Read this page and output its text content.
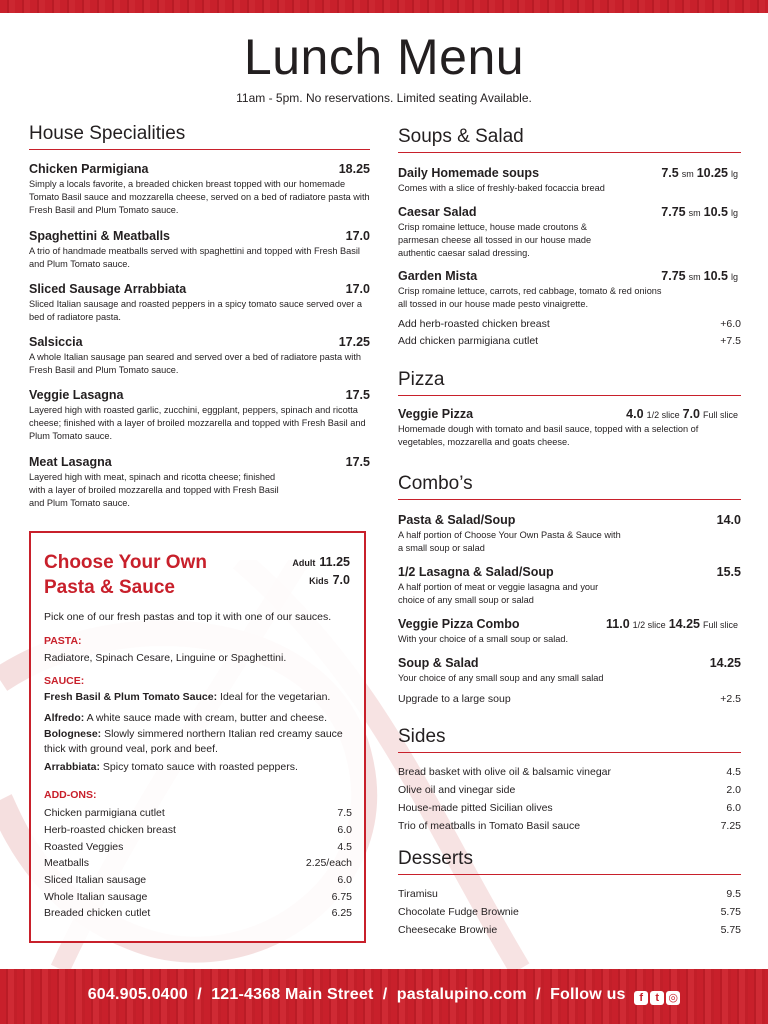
Lunch Menu
11am - 5pm. No reservations. Limited seating Available.
House Specialities
Chicken Parmigiana	18.25
Simply a locals favorite, a breaded chicken breast topped with our homemade Tomato Basil sauce and mozzarella cheese, served on a bed of radiatore pasta with Fresh Basil and Plum Tomato sauce.
Spaghettini & Meatballs	17.0
A trio of handmade meatballs served with spaghettini and topped with Fresh Basil and Plum Tomato sauce.
Sliced Sausage Arrabbiata	17.0
Sliced Italian sausage and roasted peppers in a spicy tomato sauce served over a bed of radiatore pasta.
Salsiccia	17.25
A whole Italian sausage pan seared and served over a bed of radiatore pasta with Fresh Basil and Plum Tomato sauce.
Veggie Lasagna	17.5
Layered high with roasted garlic, zucchini, eggplant, peppers, spinach and ricotta cheese; finished with a layer of broiled mozzarella and topped with Fresh Basil and Plum Tomato sauce.
Meat Lasagna	17.5
Layered high with meat, spinach and ricotta cheese; finished with a layer of broiled mozzarella and topped with Fresh Basil and Plum Tomato sauce.
Choose Your Own
Pasta & Sauce
Adult 11.25
Kids 7.0
Pick one of our fresh pastas and top it with one of our sauces.
PASTA:
Radiatore, Spinach Cesare, Linguine or Spaghettini.
SAUCE:
Fresh Basil & Plum Tomato Sauce: Ideal for the vegetarian.
Alfredo: A white sauce made with cream, butter and cheese.
Bolognese: Slowly simmered northern Italian red creamy sauce thick with ground veal, pork and beef.
Arrabbiata: Spicy tomato sauce with roasted peppers.
ADD-ONS:
Chicken parmigiana cutlet	7.5
Herb-roasted chicken breast	6.0
Roasted Veggies	4.5
Meatballs	2.25/each
Sliced Italian sausage	6.0
Whole Italian sausage	6.75
Breaded chicken cutlet	6.25
Soups & Salad
Daily Homemade soups	7.5 sm 10.25 lg
Comes with a slice of freshly-baked focaccia bread
Caesar Salad	7.75 sm 10.5 lg
Crisp romaine lettuce, house made croutons & parmesan cheese all tossed in our house made authentic caesar salad dressing.
Garden Mista	7.75 sm 10.5 lg
Crisp romaine lettuce, carrots, red cabbage, tomato & red onions all tossed in our house made pesto vinaigrette.
Add herb-roasted chicken breast	+6.0
Add chicken parmigiana cutlet	+7.5
Pizza
Veggie Pizza	4.0 1/2 slice 7.0 Full slice
Homemade dough with tomato and basil sauce, topped with a selection of vegetables, mozzarella and goats cheese.
Combo’s
Pasta & Salad/Soup	14.0
A half portion of Choose Your Own Pasta & Sauce with a small soup or salad
1/2 Lasagna & Salad/Soup	15.5
A half portion of meat or veggie lasagna and your choice of any small soup or salad
Veggie Pizza Combo	11.0 1/2 slice 14.25 Full slice
With your choice of a small soup or salad.
Soup & Salad	14.25
Your choice of any small soup and any small salad
Upgrade to a large soup	+2.5
Sides
Bread basket with olive oil & balsamic vinegar	4.5
Olive oil and vinegar side	2.0
House-made pitted Sicilian olives	6.0
Trio of meatballs in Tomato Basil sauce	7.25
Desserts
Tiramisu	9.5
Chocolate Fudge Brownie	5.75
Cheesecake Brownie	5.75
604.905.0400  /  121-4368 Main Street  /  pastalupino.com  /  Follow us f t ◎
